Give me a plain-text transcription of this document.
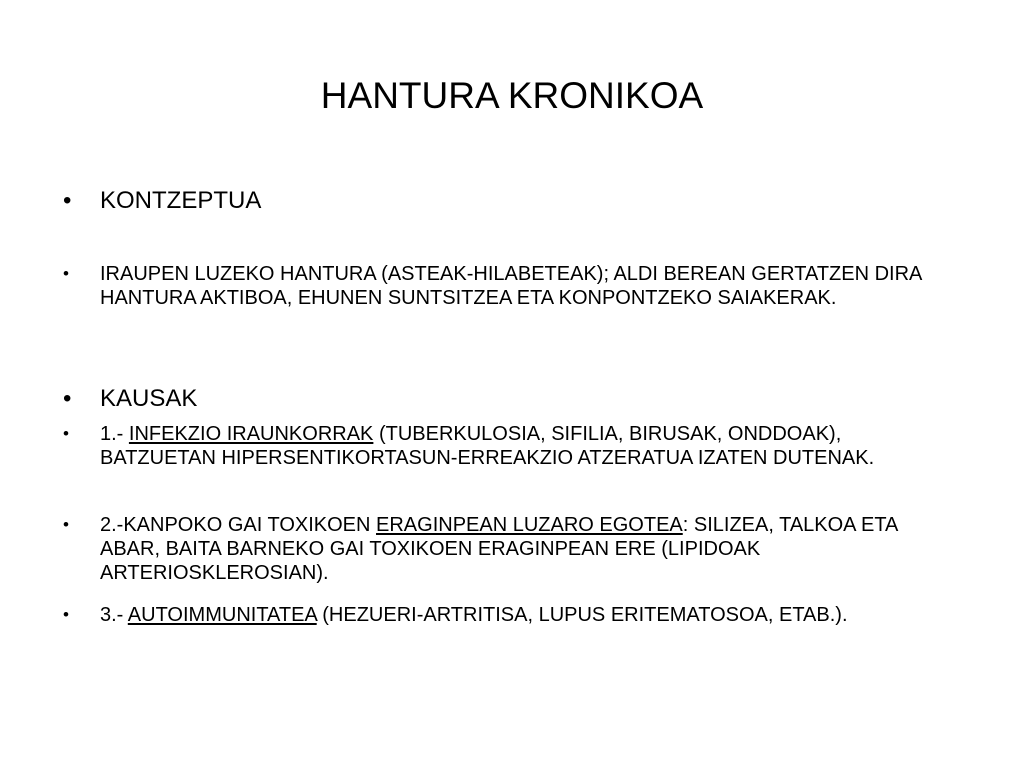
HANTURA KRONIKOA
• KONTZEPTUA
• IRAUPEN LUZEKO HANTURA (ASTEAK-HILABETEAK); ALDI BEREAN GERTATZEN DIRA HANTURA AKTIBOA, EHUNEN SUNTSITZEA ETA KONPONTZEKO SAIAKERAK.
• KAUSAK
• 1.- INFEKZIO IRAUNKORRAK (TUBERKULOSIA, SIFILIA, BIRUSAK, ONDDOAK), BATZUETAN HIPERSENTIKORTASUN-ERREAKZIO ATZERATUA IZATEN DUTENAK.
• 2.-KANPOKO GAI TOXIKOEN ERAGINPEAN LUZARO EGOTEA: SILIZEA, TALKOA ETA ABAR, BAITA BARNEKO GAI TOXIKOEN ERAGINPEAN ERE (LIPIDOAK ARTERIOSKLEROSIAN).
• 3.- AUTOIMMUNITATEA (HEZUERI-ARTRITISA, LUPUS ERITEMATOSOA, ETAB.).
